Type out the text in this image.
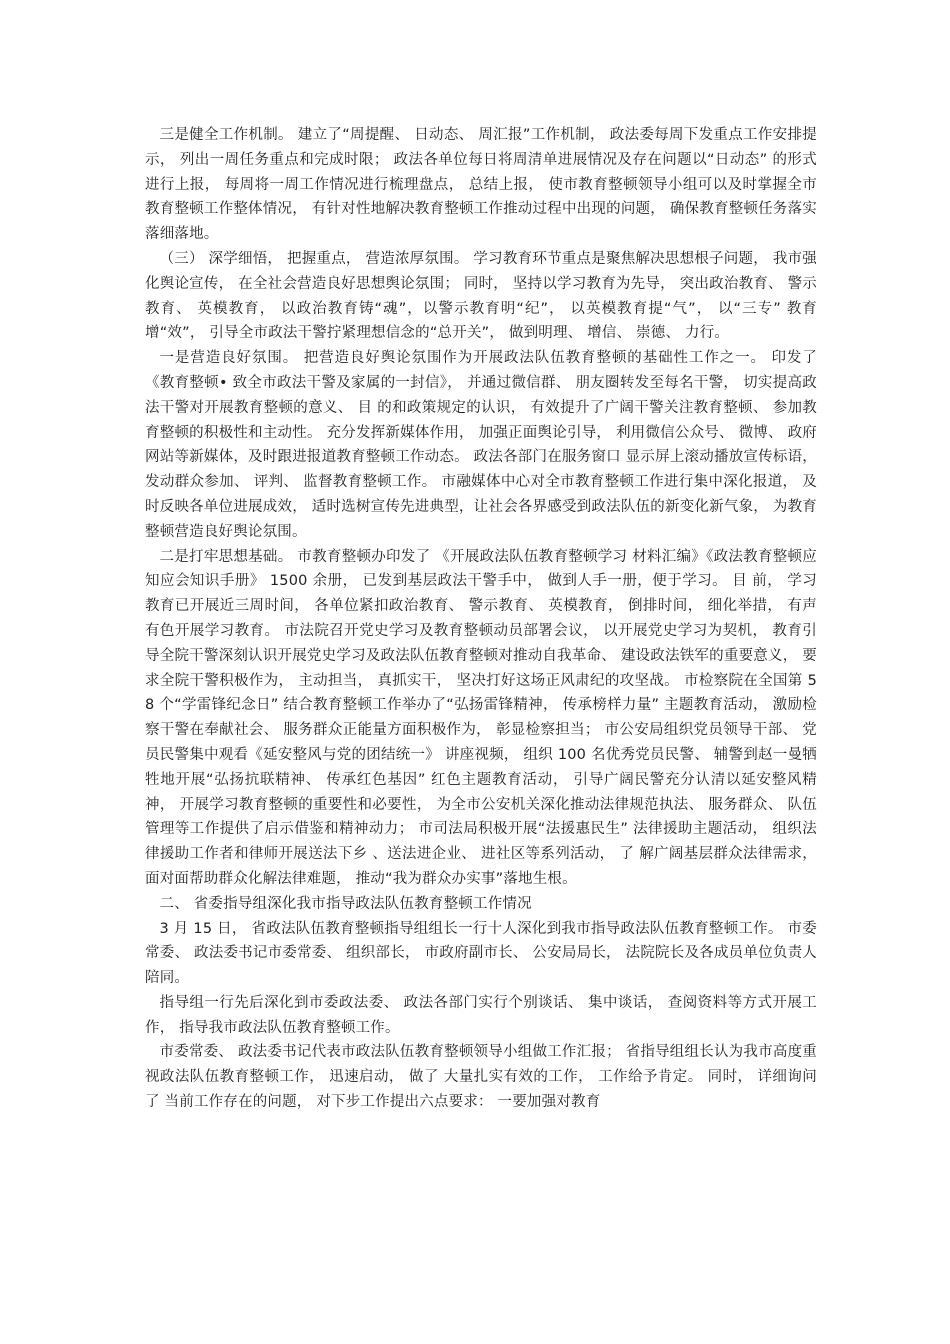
三是健全工作机制。 建立了“周提醒、 日动态、 周汇报”工作机制， 政法委每周下发重点工作安排提示， 列出一周任务重点和完成时限； 政法各单位每日将周清单进展情况及存在问题以“日动态” 的形式进行上报， 每周将一周工作情况进行梳理盘点， 总结上报， 使市教育整顿领导小组可以及时掌握全市教育整顿工作整体情况， 有针对性地解决教育整顿工作推动过程中出现的问题， 确保教育整顿任务落实落细落地。

（三） 深学细悟， 把握重点， 营造浓厚氛围。 学习教育环节重点是聚焦解决思想根子问题， 我市强化舆论宣传， 在全社会营造良好思想舆论氛围； 同时， 坚持以学习教育为先导， 突出政治教育、 警示教育、 英模教育， 以政治教育铸“魂”，以警示教育明“纪”， 以英模教育提“气”， 以“三专” 教育增“效”， 引导全市政法干警拧紧理想信念的“总开关”， 做到明理、 增信、 崇德、 力行。

一是营造良好氛围。 把营造良好舆论氛围作为开展政法队伍教育整顿的基础性工作之一。 印发了 《教育整顿• 致全市政法干警及家属的一封信》， 并通过微信群、 朋友圈转发至每名干警， 切实提高政法干警对开展教育整顿的意义、 目 的和政策规定的认识， 有效提升了广阔干警关注教育整顿、 参加教育整顿的积极性和主动性。 充分发挥新媒体作用， 加强正面舆论引导， 利用微信公众号、 微博、 政府网站等新媒体，及时跟进报道教育整顿工作动态。 政法各部门在服务窗口 显示屏上滚动播放宣传标语， 发动群众参加、 评判、 监督教育整顿工作。 市融媒体中心对全市教育整顿工作进行集中深化报道， 及时反映各单位进展成效， 适时选树宣传先进典型，让社会各界感受到政法队伍的新变化新气象， 为教育整顿营造良好舆论氛围。

二是打牢思想基础。 市教育整顿办印发了 《开展政法队伍教育整顿学习 材料汇编》《政法教育整顿应知应会知识手册》 1500 余册， 已发到基层政法干警手中， 做到人手一册，便于学习。 目 前， 学习教育已开展近三周时间， 各单位紧扣政治教育、 警示教育、 英模教育， 倒排时间， 细化举措， 有声有色开展学习教育。 市法院召开党史学习及教育整顿动员部署会议， 以开展党史学习为契机， 教育引导全院干警深刻认识开展党史学习及政法队伍教育整顿对推动自我革命、 建设政法铁军的重要意义， 要求全院干警积极作为， 主动担当， 真抓实干， 坚决打好这场正风肃纪的攻坚战。 市检察院在全国第 58 个“学雷锋纪念日” 结合教育整顿工作举办了“弘扬雷锋精神， 传承榜样力量” 主题教育活动， 激励检察干警在奉献社会、 服务群众正能量方面积极作为， 彰显检察担当； 市公安局组织党员领导干部、 党员民警集中观看《延安整风与党的团结统一》 讲座视频， 组织 100 名优秀党员民警、 辅警到赵一曼牺牲地开展“弘扬抗联精神、 传承红色基因” 红色主题教育活动， 引导广阔民警充分认清以延安整风精神， 开展学习教育整顿的重要性和必要性， 为全市公安机关深化推动法律规范执法、 服务群众、 队伍管理等工作提供了启示借鉴和精神动力； 市司法局积极开展“法援惠民生” 法律援助主题活动， 组织法律援助工作者和律师开展送法下乡 、送法进企业、 进社区等系列活动， 了 解广阔基层群众法律需求， 面对面帮助群众化解法律难题， 推动“我为群众办实事”落地生根。

二、 省委指导组深化我市指导政法队伍教育整顿工作情况

3 月 15 日， 省政法队伍教育整顿指导组组长一行十人深化到我市指导政法队伍教育整顿工作。 市委常委、 政法委书记市委常委、 组织部长， 市政府副市长、 公安局局长， 法院院长及各成员单位负责人陪同。

指导组一行先后深化到市委政法委、 政法各部门实行个别谈话、 集中谈话， 查阅资料等方式开展工作， 指导我市政法队伍教育整顿工作。

市委常委、 政法委书记代表市政法队伍教育整顿领导小组做工作汇报； 省指导组组长认为我市高度重视政法队伍教育整顿工作， 迅速启动， 做了 大量扎实有效的工作， 工作给予肯定。 同时， 详细询问了 当前工作存在的问题， 对下步工作提出六点要求： 一要加强对教育
